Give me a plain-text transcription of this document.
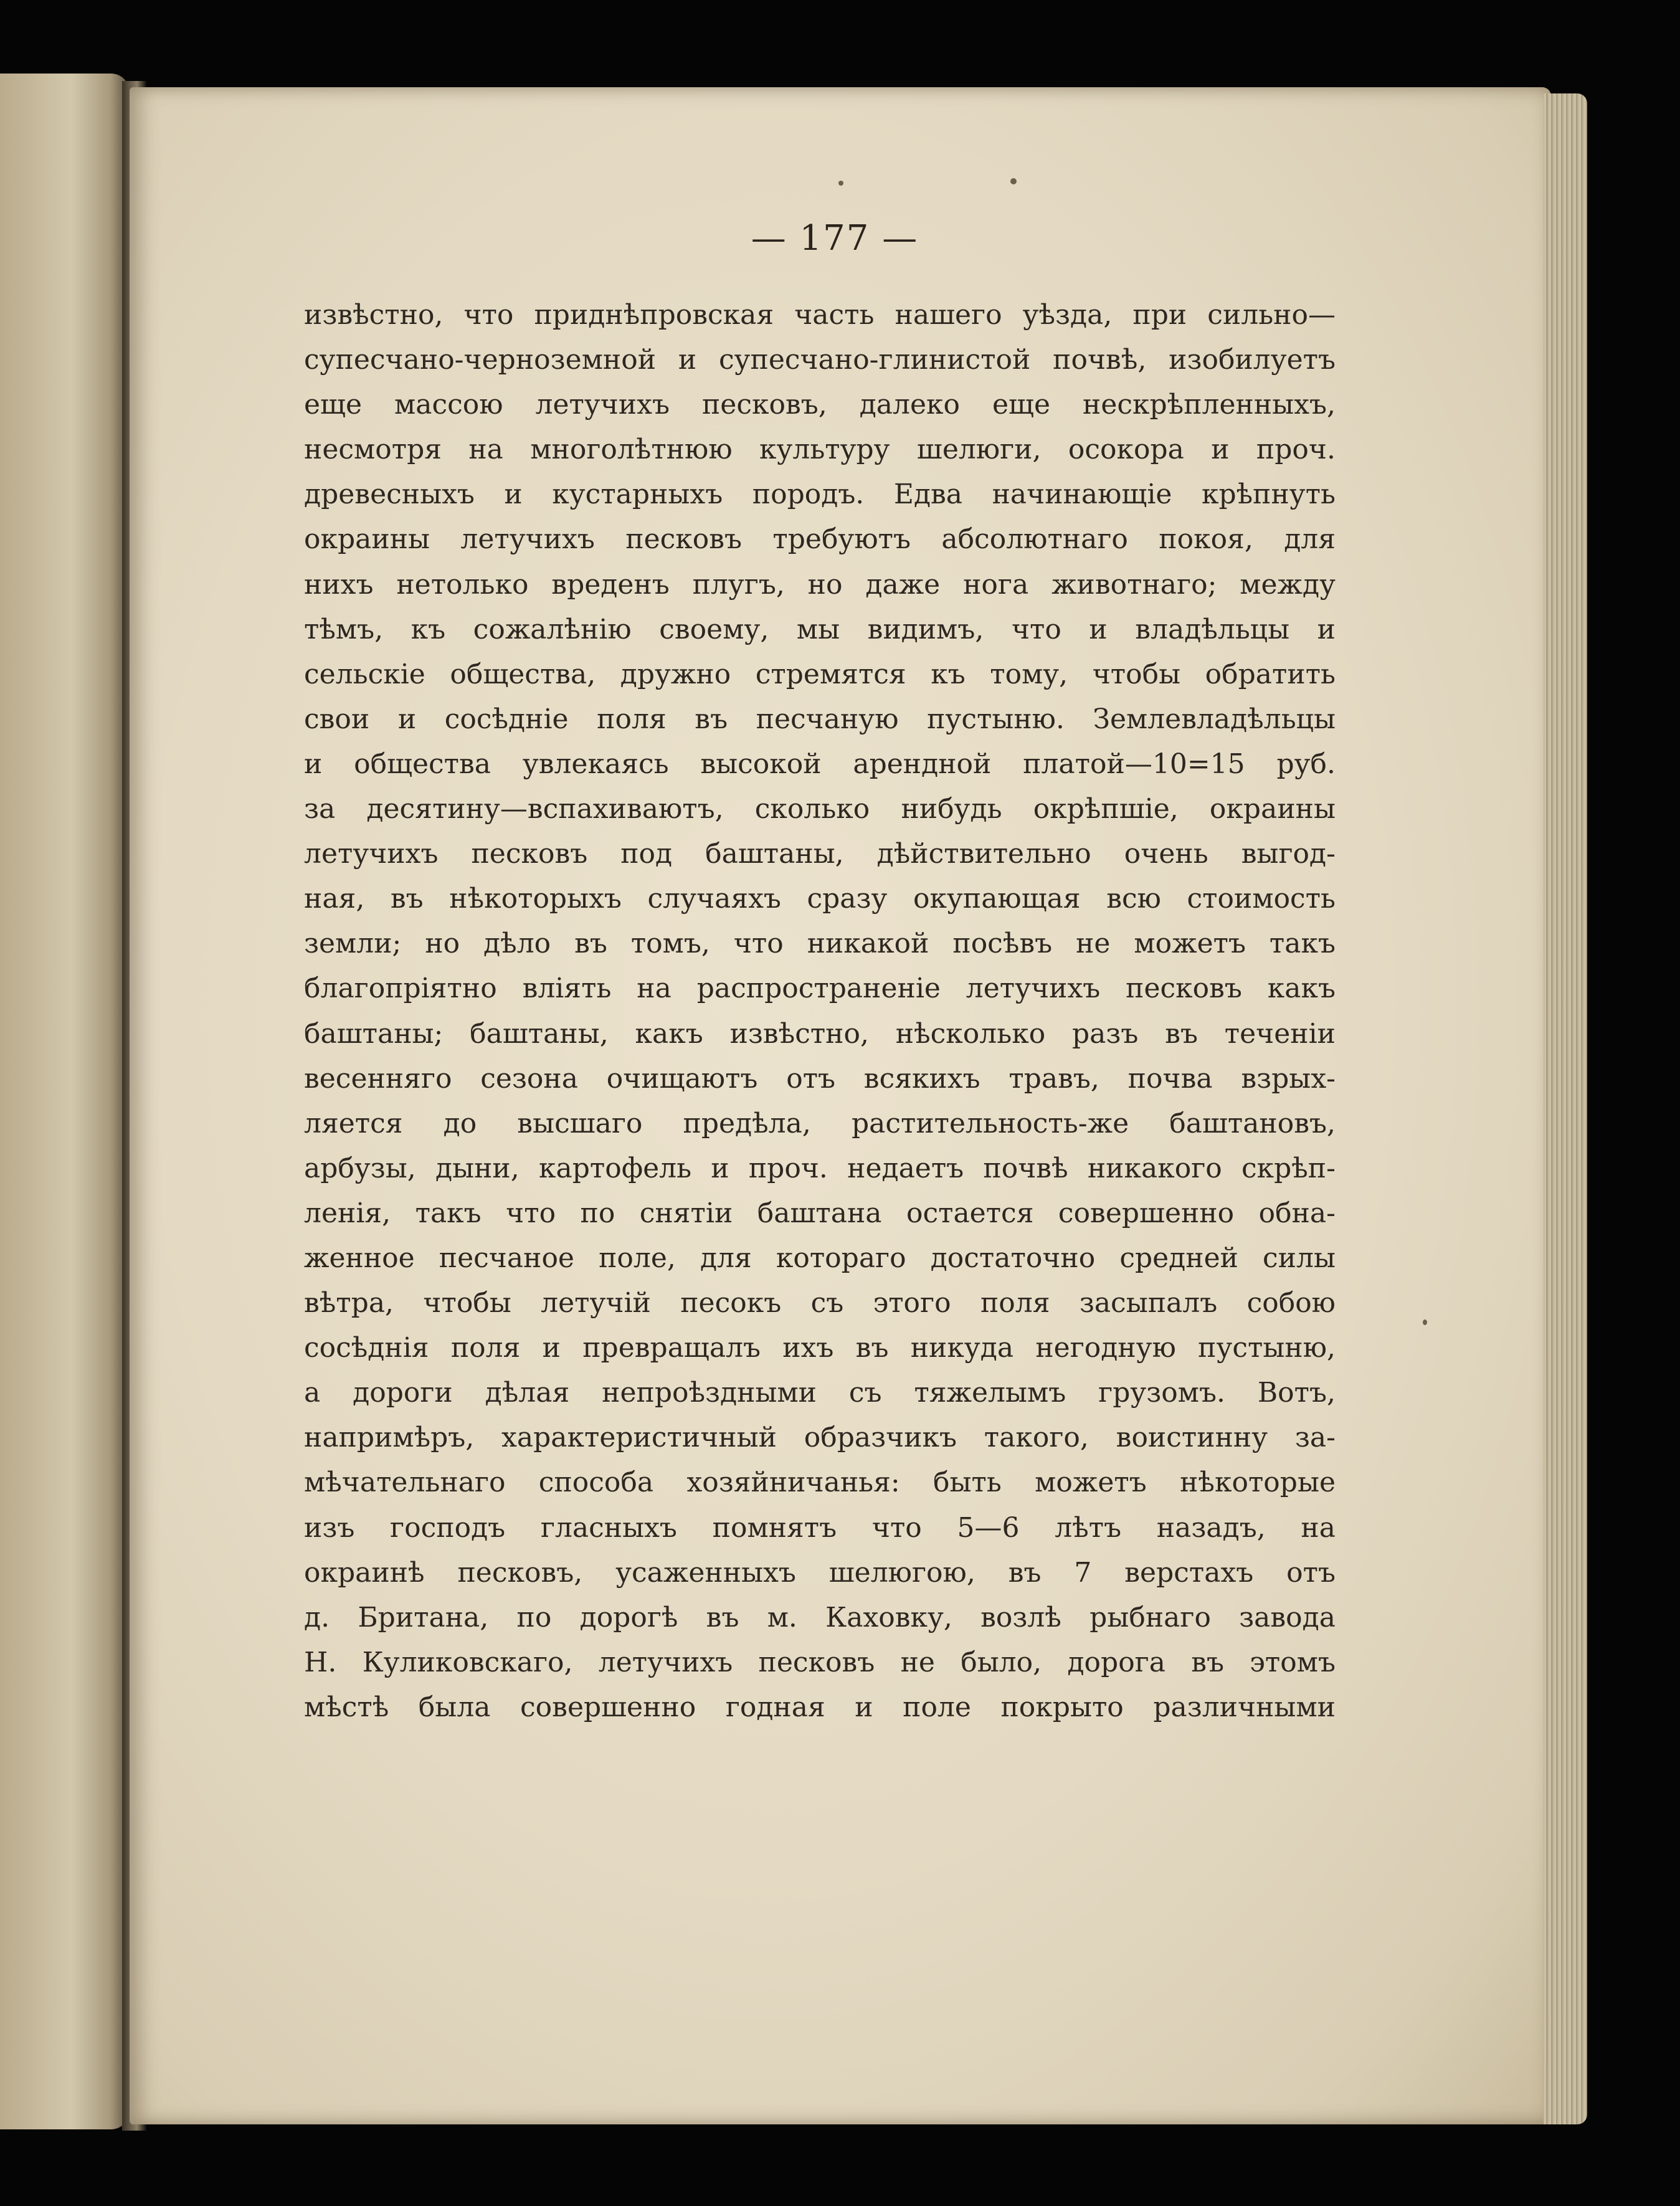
— 177 —
извѣстно, что приднѣпровская часть нашего уѣзда, при сильно—
супесчано-черноземной и супесчано-глинистой почвѣ, изобилуетъ
еще массою летучихъ песковъ, далеко еще нескрѣпленныхъ,
несмотря на многолѣтнюю культуру шелюги, осокора и проч.
древесныхъ и кустарныхъ породъ. Едва начинающіе крѣпнуть
окраины летучихъ песковъ требуютъ абсолютнаго покоя, для
нихъ нетолько вреденъ плугъ, но даже нога животнаго; между
тѣмъ, къ сожалѣнію своему, мы видимъ, что и владѣльцы и
сельскіе общества, дружно стремятся къ тому, чтобы обратить
свои и сосѣдніе поля въ песчаную пустыню. Землевладѣльцы
и общества увлекаясь высокой арендной платой—10=15 руб.
за десятину—вспахиваютъ, сколько нибудь окрѣпшіе, окраины
летучихъ песковъ под баштаны, дѣйствительно очень выгод-
ная, въ нѣкоторыхъ случаяхъ сразу окупающая всю стоимость
земли; но дѣло въ томъ, что никакой посѣвъ не можетъ такъ
благопріятно вліять на распространеніе летучихъ песковъ какъ
баштаны; баштаны, какъ извѣстно, нѣсколько разъ въ теченіи
весенняго сезона очищаютъ отъ всякихъ травъ, почва взрых-
ляется до высшаго предѣла, растительность-же баштановъ,
арбузы, дыни, картофель и проч. недаетъ почвѣ никакого скрѣп-
ленія, такъ что по снятіи баштана остается совершенно обна-
женное песчаное поле, для котораго достаточно средней силы
вѣтра, чтобы летучій песокъ съ этого поля засыпалъ собою
сосѣднія поля и превращалъ ихъ въ никуда негодную пустыню,
а дороги дѣлая непроѣздными съ тяжелымъ грузомъ. Вотъ,
напримѣръ, характеристичный образчикъ такого, воистинну за-
мѣчательнаго способа хозяйничанья: быть можетъ нѣкоторые
изъ господъ гласныхъ помнятъ что 5—6 лѣтъ назадъ, на
окраинѣ песковъ, усаженныхъ шелюгою, въ 7 верстахъ отъ
д. Британа, по дорогѣ въ м. Каховку, возлѣ рыбнаго завода
Н. Куликовскаго, летучихъ песковъ не было, дорога въ этомъ
мѣстѣ была совершенно годная и поле покрыто различными
